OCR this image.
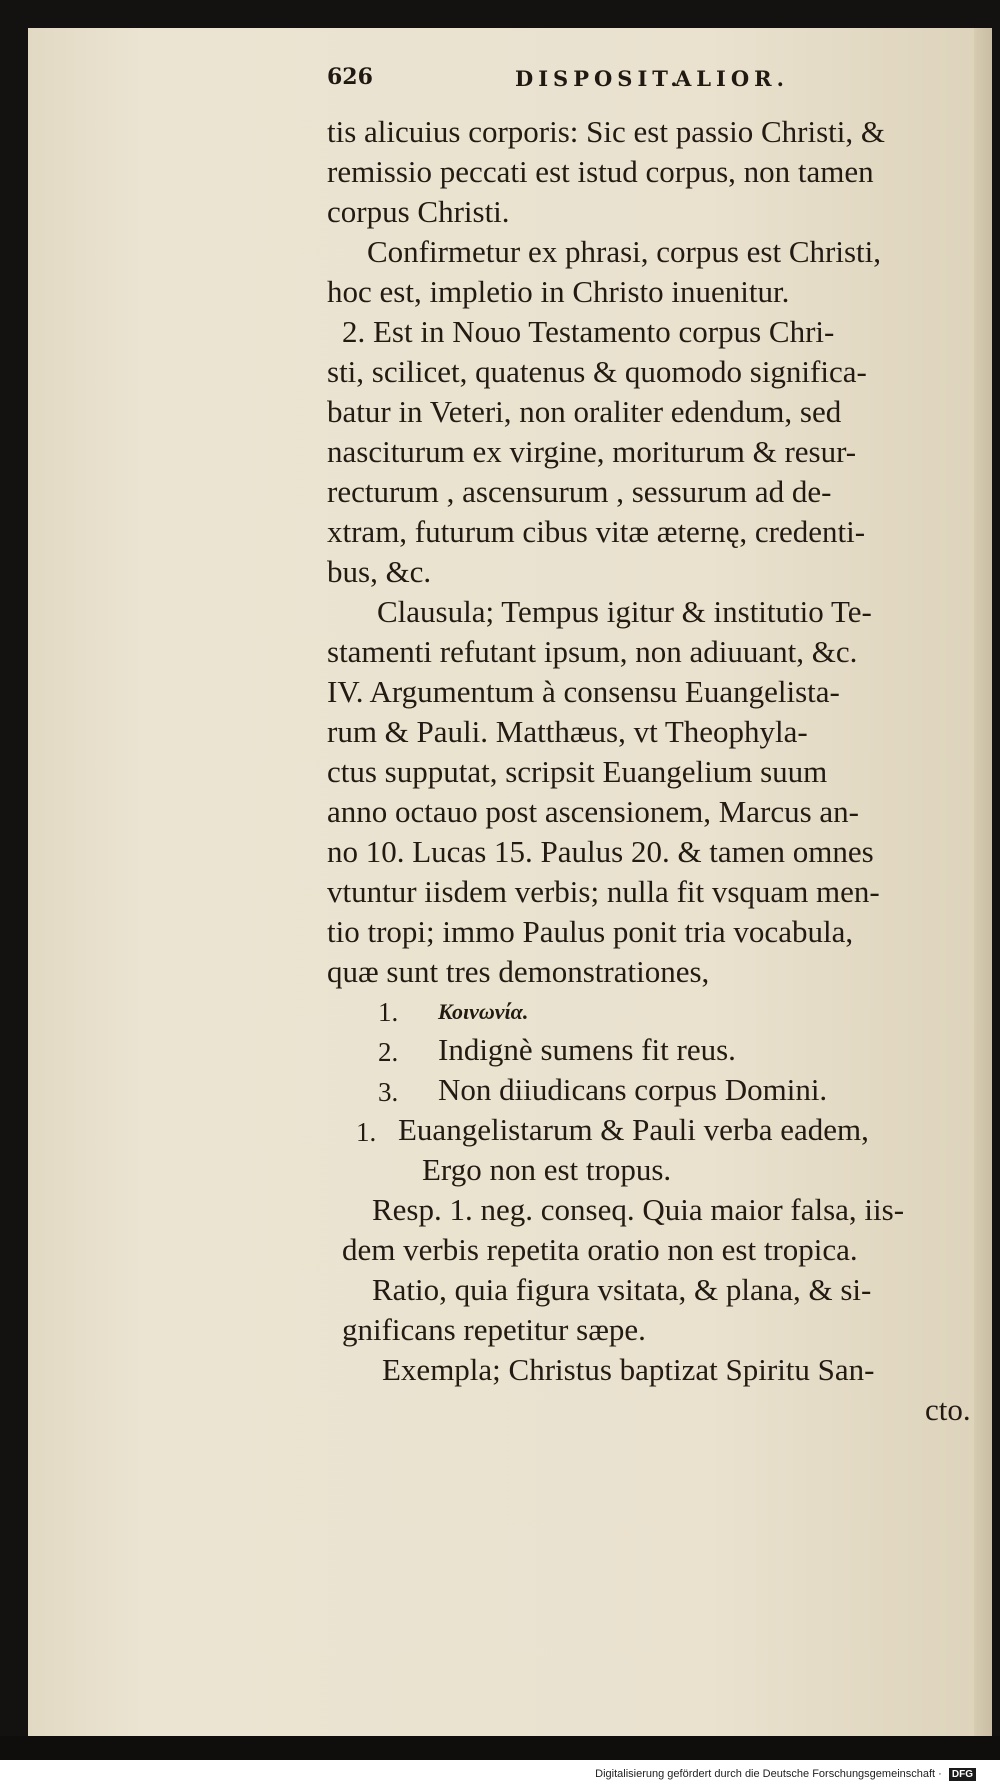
626	DISPOSIT.
ALIOR.
tis alicuius corporis: Sic est passio Christi, &
remissio peccati est istud corpus, non tamen
corpus Christi.
Confirmetur ex phrasi, corpus est Christi,
hoc est, impletio in Christo inuenitur.
2. Est in Nouo Testamento corpus Chri-
sti, scilicet, quatenus & quomodo significa-
batur in Veteri, non oraliter edendum, sed
nasciturum ex virgine, moriturum & resur-
recturum , ascensurum , sessurum ad de-
xtram, futurum cibus vitæ æternę, credenti-
bus, &c.
Clausula; Tempus igitur & institutio Te-
stamenti refutant ipsum, non adiuuant, &c.
IV. Argumentum à consensu Euangelista-
rum & Pauli. Matthæus, vt Theophyla-
ctus supputat, scripsit Euangelium suum
anno octauo post ascensionem, Marcus an-
no 10. Lucas 15. Paulus 20. & tamen omnes
vtuntur iisdem verbis; nulla fit vsquam men-
tio tropi; immo Paulus ponit tria vocabula,
quæ sunt tres demonstrationes,
1. Κοινωνία.
2. Indignè sumens fit reus.
3. Non diiudicans corpus Domini.
1. Euangelistarum & Pauli verba eadem,
Ergo non est tropus.
Resp. 1. neg. conseq. Quia maior falsa, iis-
dem verbis repetita oratio non est tropica.
Ratio, quia figura vsitata, & plana, & si-
gnificans repetitur sæpe.
Exempla; Christus baptizat Spiritu San-
cto.
Digitalisierung gefördert durch die Deutsche Forschungsgemeinschaft · DFG
